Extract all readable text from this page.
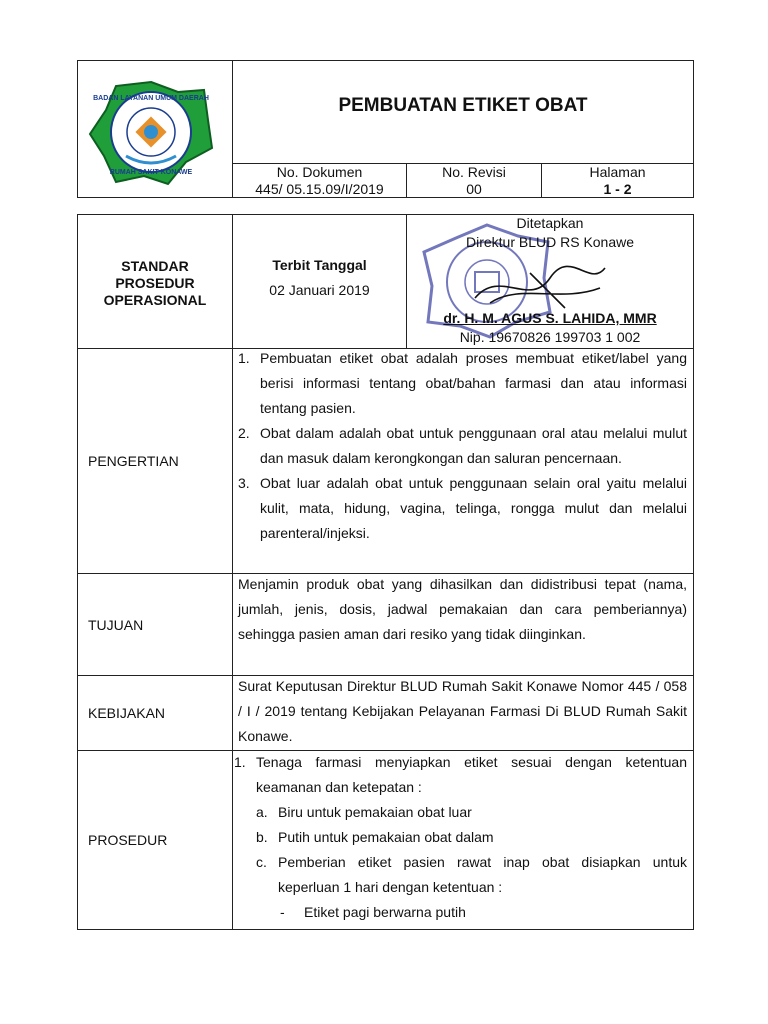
BADAN LAYANAN UMUM DAERAH
RUMAH SAKIT KONAWE
PEMBUATAN ETIKET OBAT
No. Dokumen
445/ 05.15.09/I/2019
No. Revisi
00
Halaman
1 - 2
STANDAR
PROSEDUR
OPERASIONAL
Terbit Tanggal
02 Januari 2019
Ditetapkan
Direktur BLUD RS Konawe
dr. H. M. AGUS S. LAHIDA, MMR
Nip. 19670826 199703 1 002
PENGERTIAN
1. Pembuatan etiket obat adalah proses membuat etiket/label yang berisi informasi tentang obat/bahan farmasi dan atau informasi tentang pasien.
2. Obat dalam adalah obat untuk penggunaan oral atau melalui mulut dan masuk dalam kerongkongan dan saluran pencernaan.
3. Obat luar adalah obat untuk penggunaan selain oral yaitu melalui kulit, mata, hidung, vagina, telinga, rongga mulut dan melalui parenteral/injeksi.
TUJUAN
Menjamin produk obat yang dihasilkan dan didistribusi tepat (nama, jumlah, jenis, dosis, jadwal pemakaian dan cara pemberiannya) sehingga pasien aman dari resiko yang tidak diinginkan.
KEBIJAKAN
Surat Keputusan Direktur BLUD Rumah Sakit Konawe Nomor 445 / 058 / I / 2019 tentang Kebijakan Pelayanan Farmasi Di BLUD Rumah Sakit Konawe.
PROSEDUR
1. Tenaga farmasi menyiapkan etiket sesuai dengan ketentuan keamanan dan ketepatan :
a. Biru untuk pemakaian obat luar
b. Putih untuk pemakaian obat dalam
c. Pemberian etiket pasien rawat inap obat disiapkan untuk keperluan 1 hari dengan ketentuan :
- Etiket pagi berwarna putih
